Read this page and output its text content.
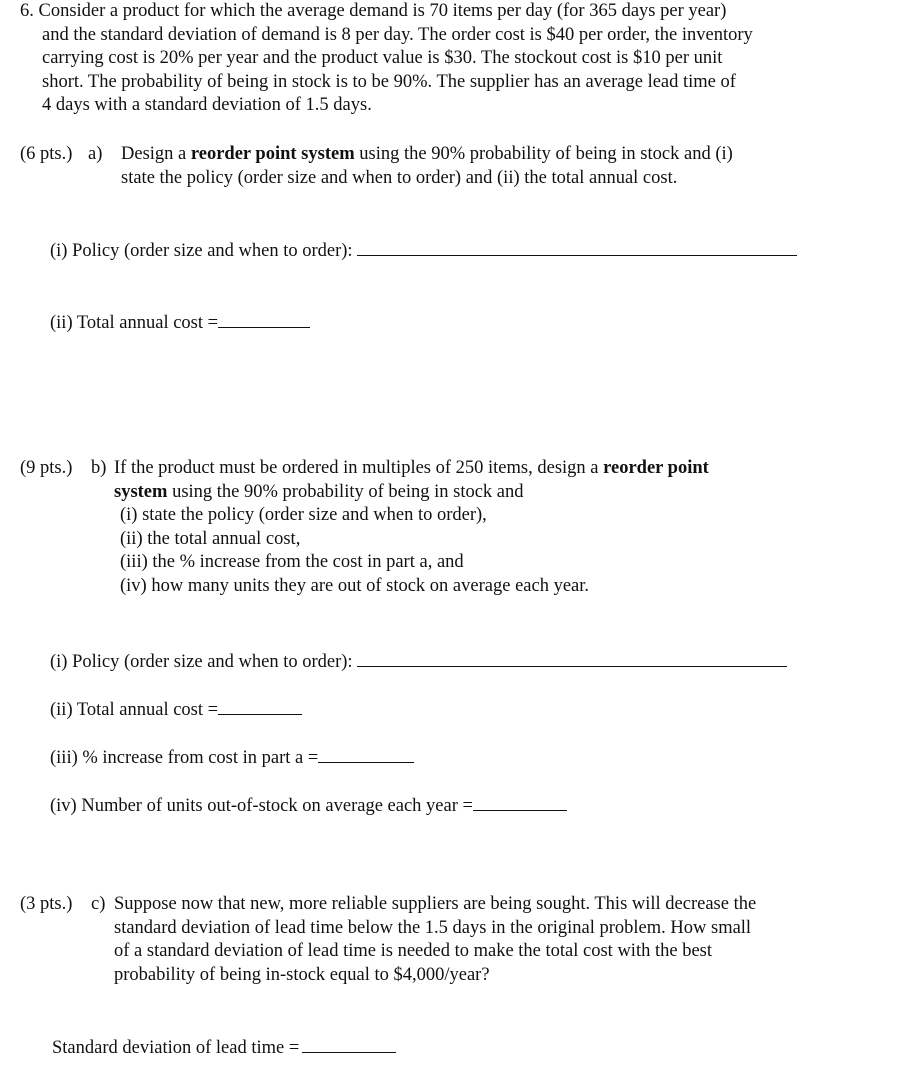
6. Consider a product for which the average demand is 70 items per day (for 365 days per year)
and the standard deviation of demand is 8 per day. The order cost is $40 per order, the inventory
carrying cost is 20% per year and the product value is $30. The stockout cost is $10 per unit
short. The probability of being in stock is to be 90%. The supplier has an average lead time of
4 days with a standard deviation of 1.5 days.
(6 pts.) a) Design a reorder point system using the 90% probability of being in stock and (i)
state the policy (order size and when to order) and (ii) the total annual cost.
(i) Policy (order size and when to order):
(ii) Total annual cost =
(9 pts.) b) If the product must be ordered in multiples of 250 items, design a reorder point
system using the 90% probability of being in stock and
(i) state the policy (order size and when to order),
(ii) the total annual cost,
(iii) the % increase from the cost in part a, and
(iv) how many units they are out of stock on average each year.
(i) Policy (order size and when to order):
(ii) Total annual cost =
(iii) % increase from cost in part a =
(iv) Number of units out-of-stock on average each year =
(3 pts.) c) Suppose now that new, more reliable suppliers are being sought. This will decrease the
standard deviation of lead time below the 1.5 days in the original problem. How small
of a standard deviation of lead time is needed to make the total cost with the best
probability of being in-stock equal to $4,000/year?
Standard deviation of lead time =
